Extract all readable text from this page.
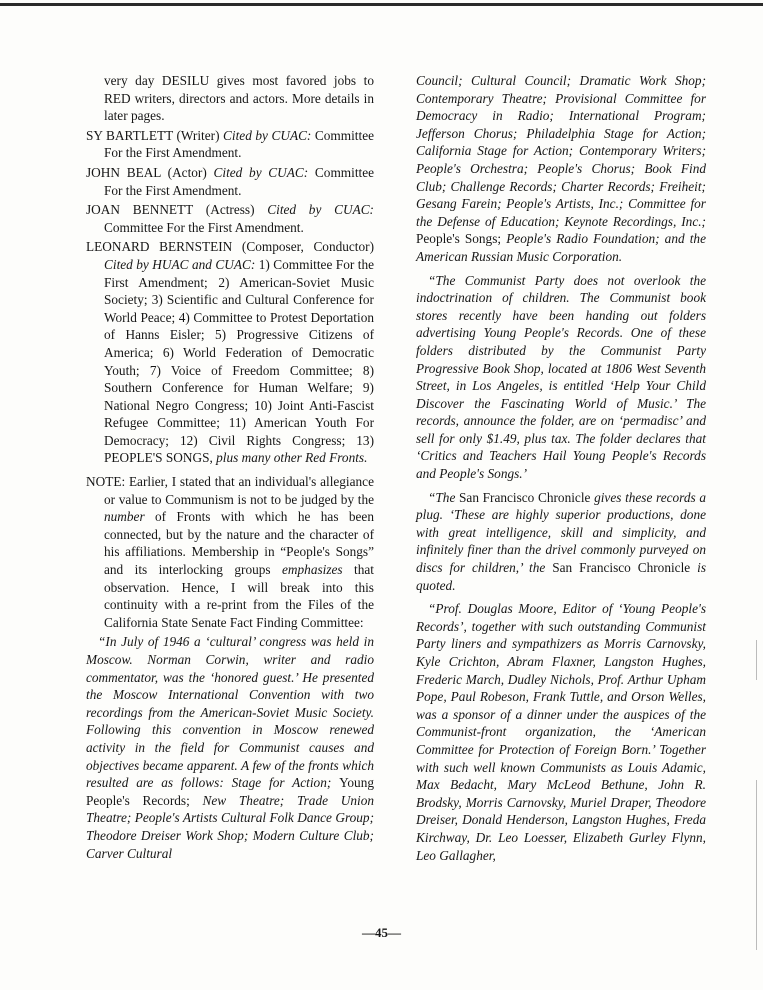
very day DESILU gives most favored jobs to RED writers, directors and actors. More details in later pages.

SY BARTLETT (Writer) Cited by CUAC: Committee For the First Amendment.

JOHN BEAL (Actor) Cited by CUAC: Committee For the First Amendment.

JOAN BENNETT (Actress) Cited by CUAC: Committee For the First Amendment.

LEONARD BERNSTEIN (Composer, Conductor) Cited by HUAC and CUAC: 1) Committee For the First Amendment; 2) American-Soviet Music Society; 3) Scientific and Cultural Conference for World Peace; 4) Committee to Protest Deportation of Hanns Eisler; 5) Progressive Citizens of America; 6) World Federation of Democratic Youth; 7) Voice of Freedom Committee; 8) Southern Conference for Human Welfare; 9) National Negro Congress; 10) Joint Anti-Fascist Refugee Committee; 11) American Youth For Democracy; 12) Civil Rights Congress; 13) PEOPLE'S SONGS, plus many other Red Fronts.

NOTE: Earlier, I stated that an individual's allegiance or value to Communism is not to be judged by the number of Fronts with which he has been connected, but by the nature and the character of his affiliations. Membership in “People's Songs” and its interlocking groups emphasizes that observation. Hence, I will break into this continuity with a re-print from the Files of the California State Senate Fact Finding Committee:

“In July of 1946 a ‘cultural’ congress was held in Moscow. Norman Corwin, writer and radio commentator, was the ‘honored guest.’ He presented the Moscow International Convention with two recordings from the American-Soviet Music Society. Following this convention in Moscow renewed activity in the field for Communist causes and objectives became apparent. A few of the fronts which resulted are as follows: Stage for Action; Young People's Records; New Theatre; Trade Union Theatre; People's Artists Cultural Folk Dance Group; Theodore Dreiser Work Shop; Modern Culture Club; Carver Cultural

Council; Cultural Council; Dramatic Work Shop; Contemporary Theatre; Provisional Committee for Democracy in Radio; International Program; Jefferson Chorus; Philadelphia Stage for Action; California Stage for Action; Contemporary Writers; People's Orchestra; People's Chorus; Book Find Club; Challenge Records; Charter Records; Freiheit; Gesang Farein; People's Artists, Inc.; Committee for the Defense of Education; Keynote Recordings, Inc.; People's Songs; People's Radio Foundation; and the American Russian Music Corporation.

“The Communist Party does not overlook the indoctrination of children. The Communist book stores recently have been handing out folders advertising Young People's Records. One of these folders distributed by the Communist Party Progressive Book Shop, located at 1806 West Seventh Street, in Los Angeles, is entitled ‘Help Your Child Discover the Fascinating World of Music.’ The records, announce the folder, are on ‘permadisc’ and sell for only $1.49, plus tax. The folder declares that ‘Critics and Teachers Hail Young People's Records and People's Songs.’

“The San Francisco Chronicle gives these records a plug. ‘These are highly superior productions, done with great intelligence, skill and simplicity, and infinitely finer than the drivel commonly purveyed on discs for children,’ the San Francisco Chronicle is quoted.

“Prof. Douglas Moore, Editor of ‘Young People's Records’, together with such outstanding Communist Party liners and sympathizers as Morris Carnovsky, Kyle Crichton, Abram Flaxner, Langston Hughes, Frederic March, Dudley Nichols, Prof. Arthur Upham Pope, Paul Robeson, Frank Tuttle, and Orson Welles, was a sponsor of a dinner under the auspices of the Communist-front organization, the ‘American Committee for Protection of Foreign Born.’ Together with such well known Communists as Louis Adamic, Max Bedacht, Mary McLeod Bethune, John R. Brodsky, Morris Carnovsky, Muriel Draper, Theodore Dreiser, Donald Henderson, Langston Hughes, Freda Kirchway, Dr. Leo Loesser, Elizabeth Gurley Flynn, Leo Gallagher,

—45—
